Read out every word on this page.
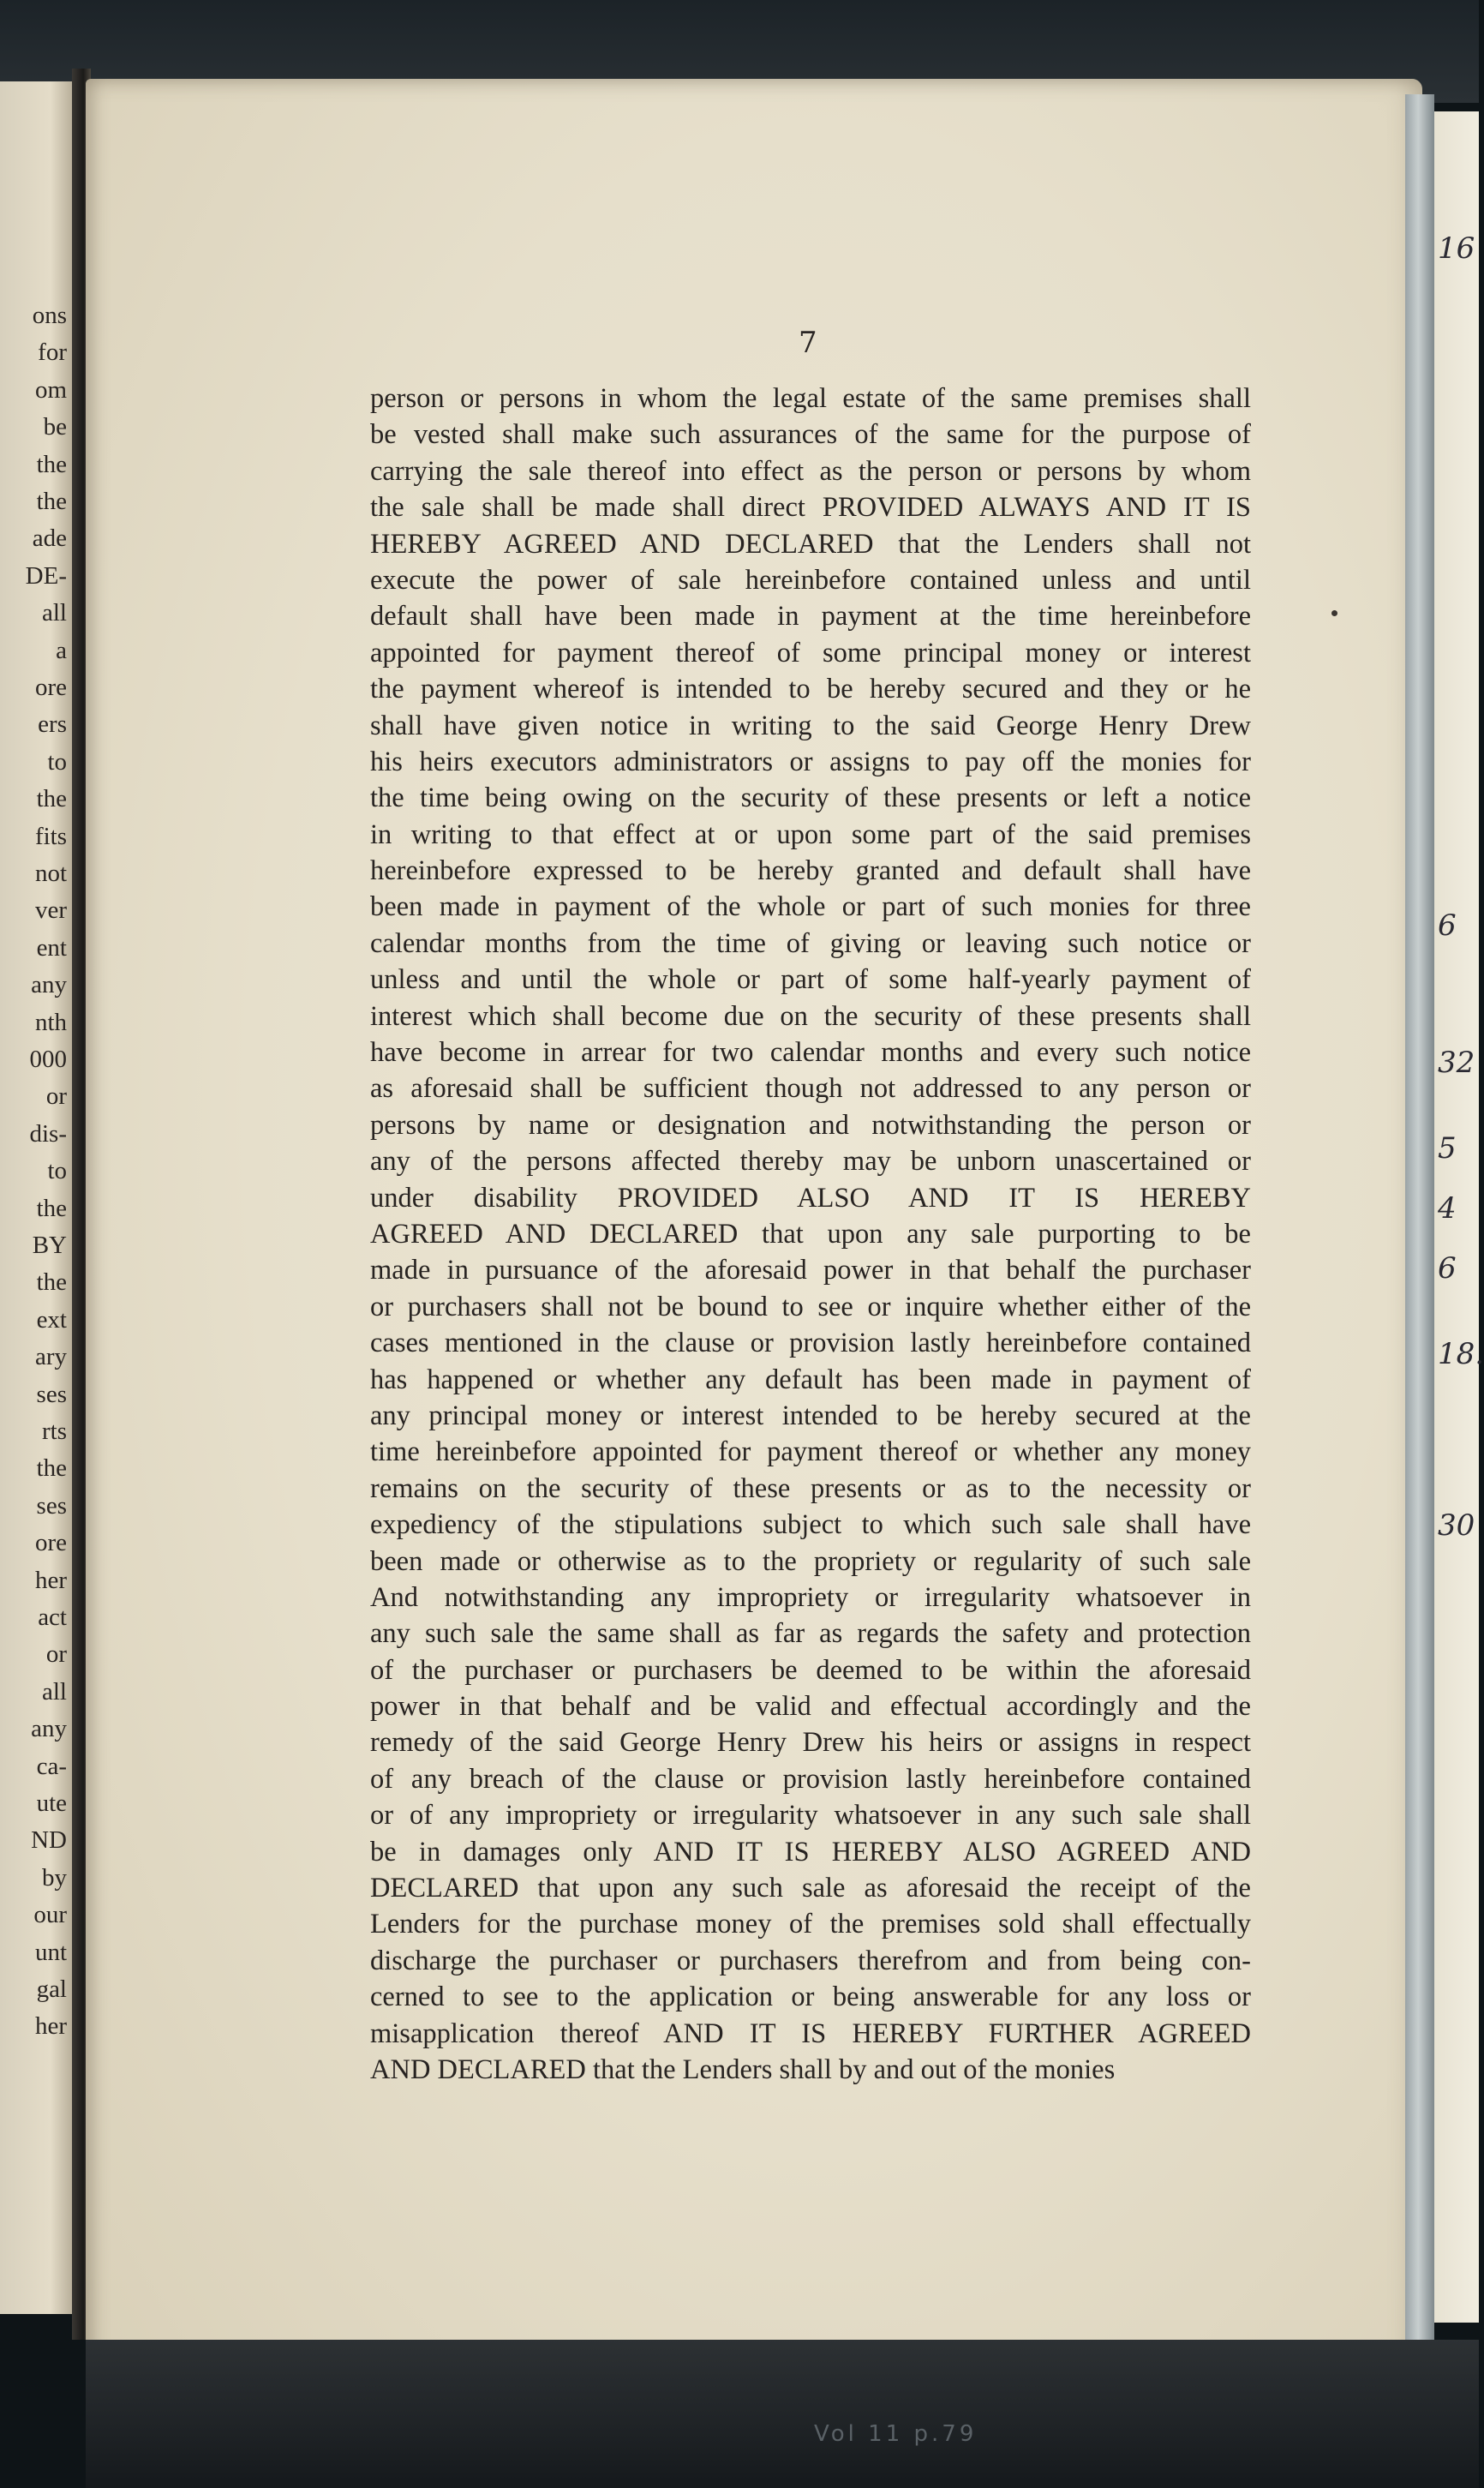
ons
for
om
be
the
the
ade
DE-
all
a
ore
ers
to
the
fits
not
ver
ent
any
nth
000
or
dis-
to
the
BY
the
ext
ary
ses
rts
the
ses
ore
her
act
or
all
any
ca-
ute
ND
by
our
unt
gal
her
7
person or persons in whom the legal estate of the same premises shall
be vested shall make such assurances of the same for the purpose of
carrying the sale thereof into effect as the person or persons by whom
the sale shall be made shall direct PROVIDED ALWAYS AND IT IS
HEREBY AGREED AND DECLARED that the Lenders shall not
execute the power of sale hereinbefore contained unless and until
default shall have been made in payment at the time hereinbefore
appointed for payment thereof of some principal money or interest
the payment whereof is intended to be hereby secured and they or he
shall have given notice in writing to the said George Henry Drew
his heirs executors administrators or assigns to pay off the monies for
the time being owing on the security of these presents or left a notice
in writing to that effect at or upon some part of the said premises
hereinbefore expressed to be hereby granted and default shall have
been made in payment of the whole or part of such monies for three
calendar months from the time of giving or leaving such notice or
unless and until the whole or part of some half-yearly payment of
interest which shall become due on the security of these presents shall
have become in arrear for two calendar months and every such notice
as aforesaid shall be sufficient though not addressed to any person or
persons by name or designation and notwithstanding the person or
any of the persons affected thereby may be unborn unascertained or
under disability PROVIDED ALSO AND IT IS HEREBY
AGREED AND DECLARED that upon any sale purporting to be
made in pursuance of the aforesaid power in that behalf the purchaser
or purchasers shall not be bound to see or inquire whether either of the
cases mentioned in the clause or provision lastly hereinbefore contained
has happened or whether any default has been made in payment of
any principal money or interest intended to be hereby secured at the
time hereinbefore appointed for payment thereof or whether any money
remains on the security of these presents or as to the necessity or
expediency of the stipulations subject to which such sale shall have
been made or otherwise as to the propriety or regularity of such sale
And notwithstanding any impropriety or irregularity whatsoever in
any such sale the same shall as far as regards the safety and protection
of the purchaser or purchasers be deemed to be within the aforesaid
power in that behalf and be valid and effectual accordingly and the
remedy of the said George Henry Drew his heirs or assigns in respect
of any breach of the clause or provision lastly hereinbefore contained
or of any impropriety or irregularity whatsoever in any such sale shall
be in damages only AND IT IS HEREBY ALSO AGREED AND
DECLARED that upon any such sale as aforesaid the receipt of the
Lenders for the purchase money of the premises sold shall effectually
discharge the purchaser or purchasers therefrom and from being con-
cerned to see to the application or being answerable for any loss or
misapplication thereof AND IT IS HEREBY FURTHER AGREED
AND DECLARED that the Lenders shall by and out of the monies
16
6
32
5
4
6
18.
30
Vol 11 p.79
